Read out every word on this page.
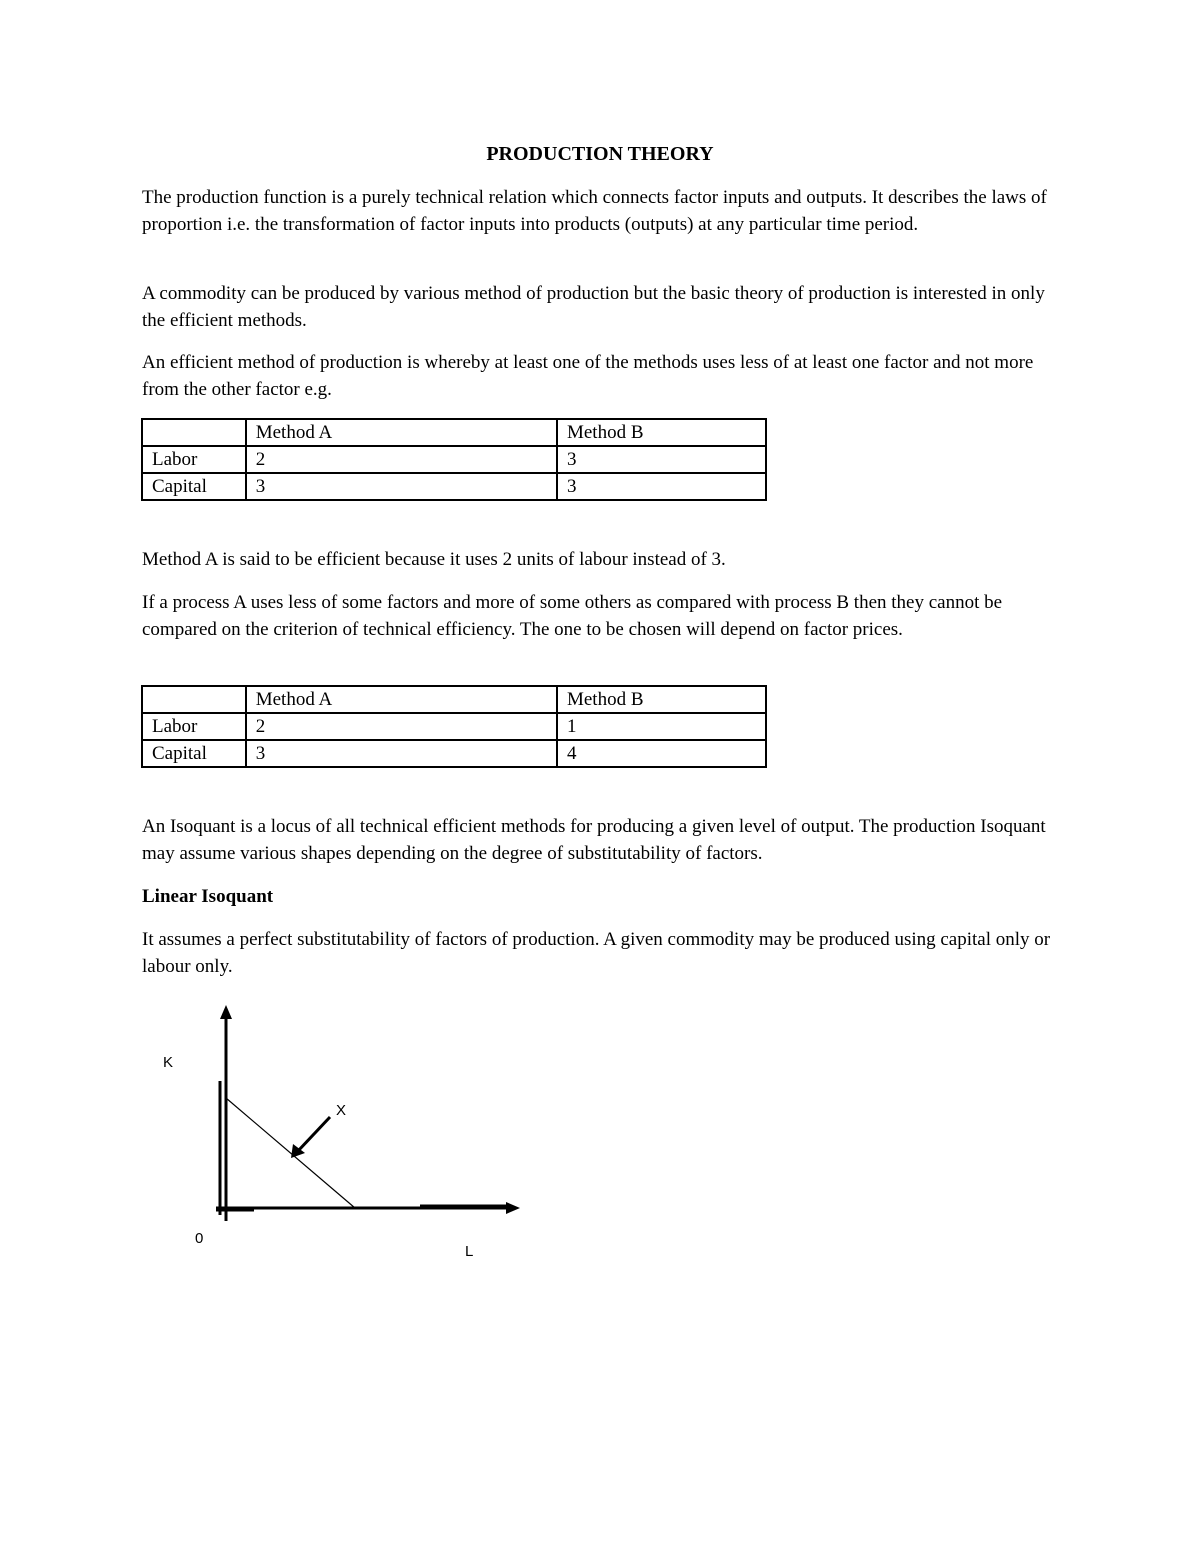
PRODUCTION THEORY

The production function is a purely technical relation which connects factor inputs and outputs. It describes the laws of proportion i.e. the transformation of factor inputs into products (outputs) at any particular time period.

A commodity can be produced by various method of production but the basic theory of production is interested in only the efficient methods.

An efficient method of production is whereby at least one of the methods uses less of at least one factor and not more from the other factor e.g.

	Method A	Method B
Labor	2	3
Capital	3	3

Method A is said to be efficient because it uses 2 units of labour instead of 3.

If a process A uses less of some factors and more of some others as compared with process B then they cannot be compared on the criterion of technical efficiency. The one to be chosen will depend on factor prices.

	Method A	Method B
Labor	2	1
Capital	3	4

An Isoquant is a locus of all technical efficient methods for producing a given level of output. The production Isoquant may assume various shapes depending on the degree of substitutability of factors.

Linear Isoquant

It assumes a perfect substitutability of factors of production. A given commodity may be produced using capital only or labour only.

K
X
0
L
